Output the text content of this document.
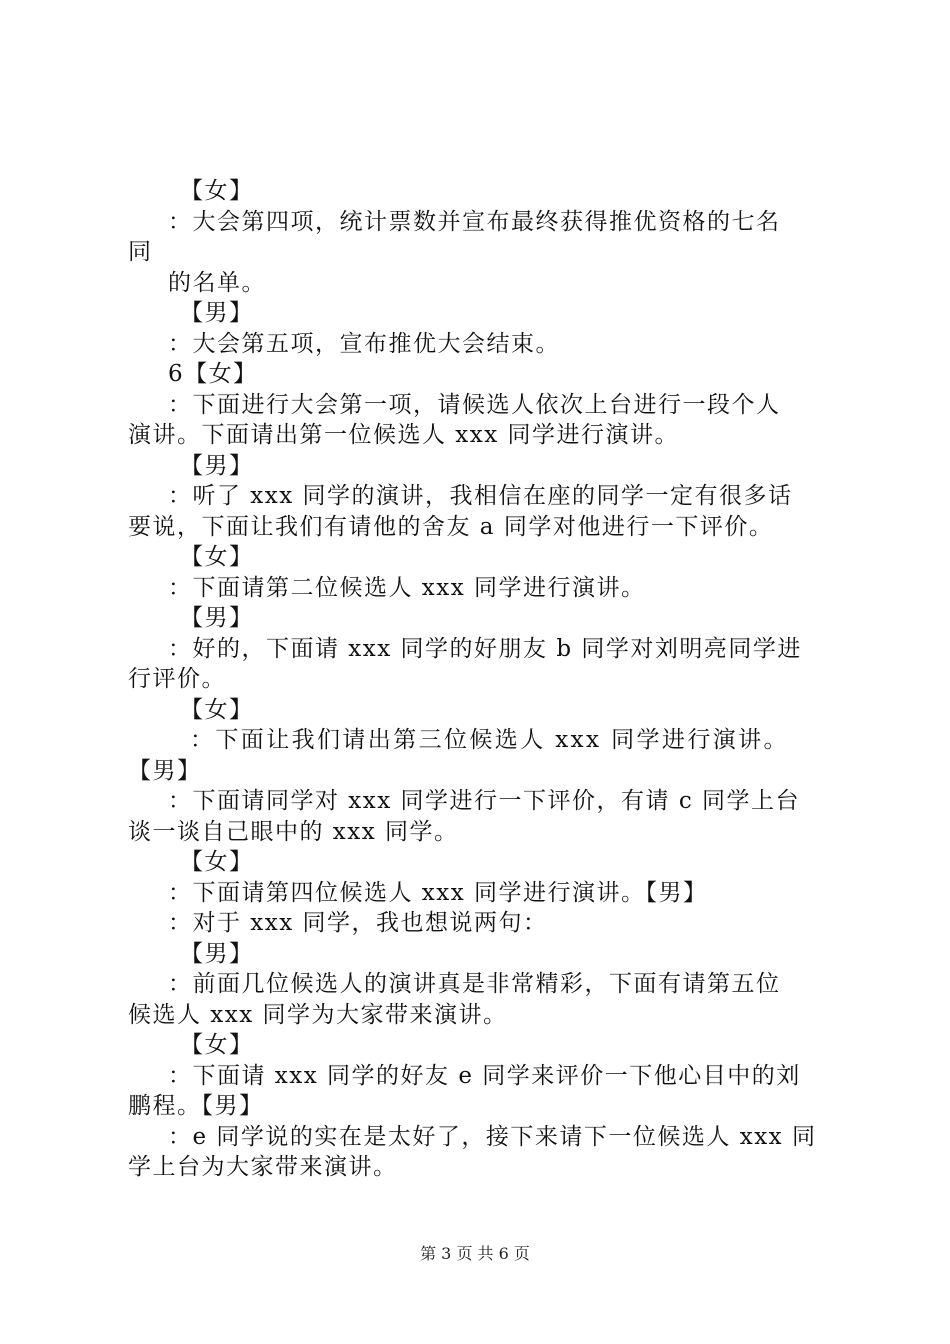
【女】
：大会第四项，统计票数并宣布最终获得推优资格的七名
同
的名单。
【男】
：大会第五项，宣布推优大会结束。
6【女】
：下面进行大会第一项，请候选人依次上台进行一段个人
演讲。下面请出第一位候选人 xxx 同学进行演讲。
【男】
：听了 xxx 同学的演讲，我相信在座的同学一定有很多话
要说，下面让我们有请他的舍友 a 同学对他进行一下评价。
【女】
：下面请第二位候选人 xxx 同学进行演讲。
【男】
：好的，下面请 xxx 同学的好朋友 b 同学对刘明亮同学进
行评价。
【女】
：下面让我们请出第三位候选人 xxx 同学进行演讲。
【男】
：下面请同学对 xxx 同学进行一下评价，有请 c 同学上台
谈一谈自己眼中的 xxx 同学。
【女】
：下面请第四位候选人 xxx 同学进行演讲。【男】
：对于 xxx 同学，我也想说两句：
【男】
：前面几位候选人的演讲真是非常精彩，下面有请第五位
候选人 xxx 同学为大家带来演讲。
【女】
：下面请 xxx 同学的好友 e 同学来评价一下他心目中的刘
鹏程。【男】
：e 同学说的实在是太好了，接下来请下一位候选人 xxx 同
学上台为大家带来演讲。
第 3 页 共 6 页
